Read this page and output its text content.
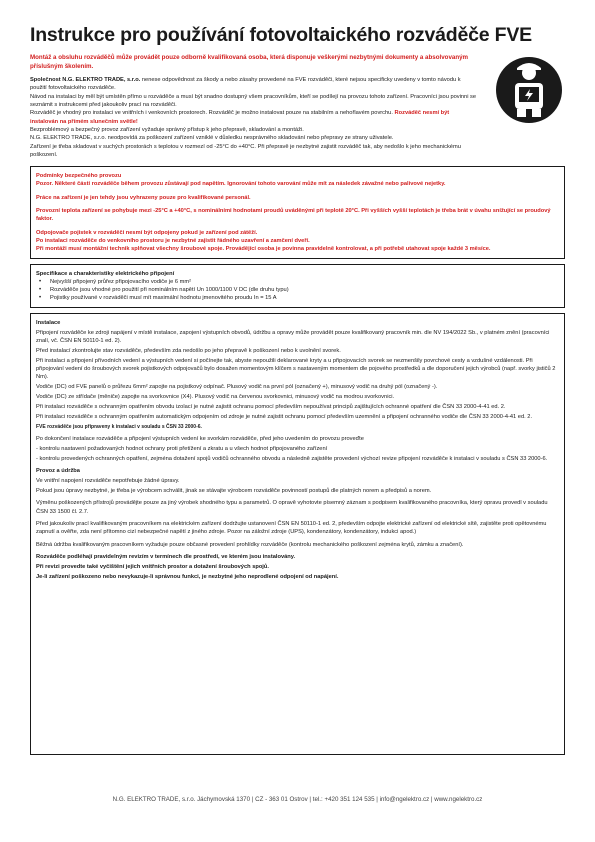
Instrukce pro používání fotovoltaického rozváděče FVE

Montáž a obsluhu rozváděčů může provádět pouze odborně kvalifikovaná osoba, která disponuje veškerými nezbytnými dokumenty a absolvovaným příslušným školením.

Společnost N.G. ELEKTRO TRADE, s.r.o. nenese odpovědnost za škody a nebo zásahy provedené na FVE rozváděči, které nejsou specificky uvedeny v tomto návodu k použití fotovoltaického rozváděče.

Návod na instalaci by měl být umístěn přímo u rozváděče a musí být snadno dostupný všem pracovníkům, kteří se podílejí na provozu tohoto zařízení. Pracovníci jsou povinni se seznámit s instrukcemi před jakoukoliv prací na rozváděči.

Rozváděč je vhodný pro instalaci ve vnitřních i venkovních prostorech. Rozváděč je možno instalovat pouze na stabilním a nehořlavém povrchu. Rozváděč nesmí být instalován na přímém slunečním světle!

Bezproblémový a bezpečný provoz zařízení vyžaduje správný přístup k jeho přepravě, skladování a montáži.

N.G. ELEKTRO TRADE, s.r.o. neodpovídá za poškození zařízení vzniklé v důsledku nesprávného skladování nebo přepravy ze strany uživatele.

Zařízení je třeba skladovat v suchých prostorách s teplotou v rozmezí od -25°C do +40°C. Při přepravě je nezbytné zajistit rozváděč tak, aby nedošlo k jeho mechanickému poškození.

Podmínky bezpečného provozu

Pozor. Některé části rozváděče během provozu zůstávají pod napětím. Ignorování tohoto varování může mít za následek závažné nebo palivové nejetky.

Práce na zařízení je jen tehdy jsou vyhrazeny pouze pro kvalifikované personál.

Provozní teplota zařízení se pohybuje mezi -25°C a +40°C, s nominálními hodnotami proudů uváděnými při teplotě 20°C. Při vyšších vyšší teplotách je třeba brát v úvahu snížující se proudový faktor.

Odpojovače pojistek v rozváděči nesmí být odpojeny pokud je zařízení pod zátěží.

Po instalaci rozváděče do venkovního prostoru je nezbytné zajistit řádného uzavření a zamčení dveří.

Při montáži musí montážní technik splňovat všechny šroubové spoje. Provádějící osoba je povinna pravidelně kontrolovat, a při potřebě utahovat spoje každé 3 měsíce.

Specifikace a charakteristiky elektrického připojení

• Nejvyšší připojený průřez připojovacího vodiče je 6 mm²
• Rozváděče jsou vhodné pro použití při nominálním napětí Un 1000/1100 V DC (dle druhu typu)
• Pojistky používané v rozváděči musí mít maximální hodnotu jmenovitého proudu In = 15 A

Instalace

Připojení rozváděče ke zdroji napájení v místě instalace, zapojení výstupních obvodů, údržbu a opravy může provádět pouze kvalifikovaný pracovník min. dle NV 194/2022 Sb., v platném znění (pracovníci znalí, vč. ČSN EN 50110-1 ed. 2).

Před instalací zkontrolujte stav rozváděče, především zda nedošlo po jeho přepravě k poškození nebo k uvolnění svorek.

Při instalaci a připojení přívodních vedení a výstupních vedení si počínejte tak, abyste nepoužili deklarované kryty a u připojovacích svorek se nezmenšily povrchové cesty a vzdušné vzdálenosti. Při připojování vedení do šroubových svorek pojistkových odpojovačů bylo dosažen momentovým klíčem s nastaveným momentem dle pojového prostředků a dle doporučení jejich výrobců (např. svorky jističů 2 Nm).

Vodiče (DC) od FVE panelů o průřezu 6mm² zapojte na pojistkový odpínač. Plusový vodič na první pól (označený +), minusový vodič na druhý pól (označený -).

Vodiče (DC) ze střídače (měniče) zapojte na svorkovnice (X4). Plusový vodič na červenou svorkovnici, minusový vodič na modrou svorkovnici.

Při instalaci rozváděče s ochranným opatřením obvodu izolací je nutné zajistit ochranu pomocí především nepoužívat principů zajištujících ochranné opatření dle ČSN 33 2000-4-41 ed. 2.

Při instalaci rozváděče s ochranným opatřením automatickým odpojením od zdroje je nutné zajistit ochranu pomocí především uzemnění a připojení ochranného vodiče dle ČSN 33 2000-4-41 ed. 2.

FVE rozváděče jsou připraveny k instalaci v souladu s ČSN 33 2000-6.

Po dokončení instalace rozváděče a připojení výstupních vedení ke svorkám rozváděče, před jeho uvedením do provozu proveďte

- kontrolu nastavení požadovaných hodnot ochrany proti přetížení a zkratu a u všech hodnot připojovaného zařízení

- kontrolu provedených ochranných opatření, zejména dotažení spojů vodičů ochranného obvodu a následně zajistěte provedení výchozí revize připojení rozváděče k instalaci v souladu s ČSN 33 2000-6.

Provoz a údržba

Ve vnitřní napojení rozváděče nepotřebuje žádné úpravy.

Pokud jsou úpravy nezbytné, je třeba je výrobcem schválit, jinak se stávajte výrobcem rozváděče povinností postupů dle platných norem a předpisů a norem.

Výměnu poškozených přístrojů provádějte pouze za jiný výrobek shodného typu a parametrů. O opravě vyhotovte písemný záznam s podpisem kvalifikovaného pracovníka, který opravu provedl v souladu ČSN 33 1500 čl. 2.7.

Před jakoukoliv prací kvalifikovaným pracovníkem na elektrickém zařízení dodržujte ustanovení ČSN EN 50110-1 ed. 2, především odpojte elektrické zařízení od elektrické sítě, zajistěte proti opětovnému zapnutí a ověřte, zda není přítomno cizí nebezpečné napětí z jiného zdroje. Pozor na záložní zdroje (UPS), kondenzátory, kondenzátory, indukci apod.)

Běžná údržba kvalifikovaným pracovníkem vyžaduje pouze občasné provedení prohlídky rozváděče (kontrolu mechanického poškození zejména krytů, zámku a značení).

Rozváděče podléhají pravidelným revizím v termínech dle prostředí, ve kterém jsou instalovány.

Při revizi provedte také vyčištění jejich vnitřních prostor a dotažení šroubových spojů.

Je-li zařízení poškozeno nebo nevykazuje-li správnou funkci, je nezbytné jeho neprodlené odpojení od napájení.

N.G. ELEKTRO TRADE, s.r.o. Jáchymovská 1370 | CZ - 363 01 Ostrov | tel.: +420 351 124 535 | info@ngelektro.cz | www.ngelektro.cz
